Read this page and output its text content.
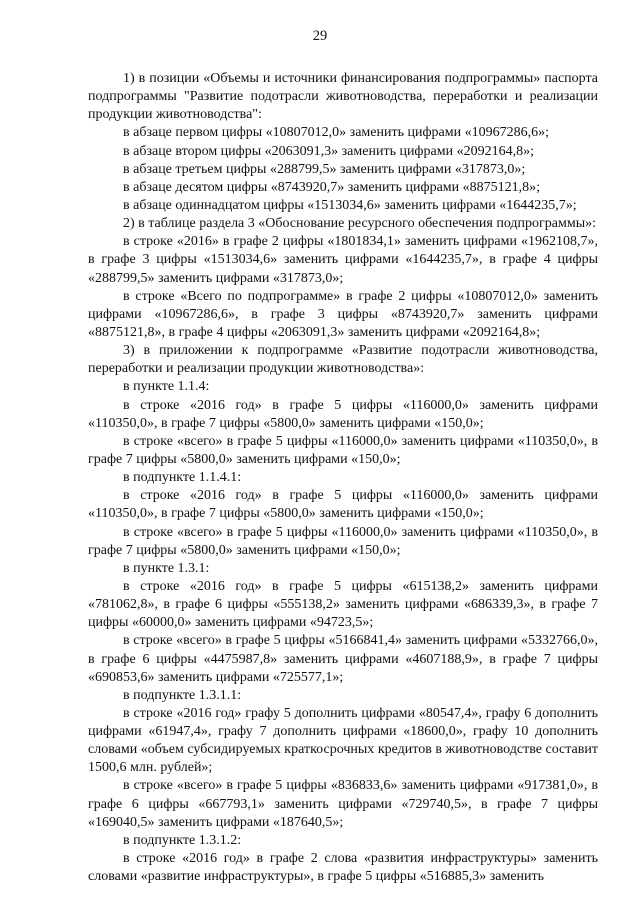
29

1) в позиции «Объемы и источники финансирования подпрограммы» паспорта подпрограммы "Развитие подотрасли животноводства, переработки и реализации продукции животноводства":

в абзаце первом цифры «10807012,0» заменить цифрами «10967286,6»;

в абзаце втором цифры «2063091,3» заменить цифрами «2092164,8»;

в абзаце третьем цифры «288799,5» заменить цифрами «317873,0»;

в абзаце десятом цифры «8743920,7» заменить цифрами «8875121,8»;

в абзаце одиннадцатом цифры «1513034,6» заменить цифрами «1644235,7»;

2) в таблице раздела 3 «Обоснование ресурсного обеспечения подпрограммы»:

в строке «2016» в графе 2 цифры «1801834,1» заменить цифрами «1962108,7», в графе 3 цифры «1513034,6» заменить цифрами «1644235,7», в графе 4 цифры «288799,5» заменить цифрами «317873,0»;

в строке «Всего по подпрограмме» в графе 2 цифры «10807012,0» заменить цифрами «10967286,6», в графе 3 цифры «8743920,7» заменить цифрами «8875121,8», в графе 4 цифры «2063091,3» заменить цифрами «2092164,8»;

3) в приложении к подпрограмме «Развитие подотрасли животноводства, переработки и реализации продукции животноводства»:

в пункте 1.1.4:

в строке «2016 год» в графе 5 цифры «116000,0» заменить цифрами «110350,0», в графе 7 цифры «5800,0» заменить цифрами «150,0»;

в строке «всего» в графе 5 цифры «116000,0» заменить цифрами «110350,0», в графе 7 цифры «5800,0» заменить цифрами «150,0»;

в подпункте 1.1.4.1:

в строке «2016 год» в графе 5 цифры «116000,0» заменить цифрами «110350,0», в графе 7 цифры «5800,0» заменить цифрами «150,0»;

в строке «всего» в графе 5 цифры «116000,0» заменить цифрами «110350,0», в графе 7 цифры «5800,0» заменить цифрами «150,0»;

в пункте 1.3.1:

в строке «2016 год» в графе 5 цифры «615138,2» заменить цифрами «781062,8», в графе 6 цифры «555138,2» заменить цифрами «686339,3», в графе 7 цифры «60000,0» заменить цифрами «94723,5»;

в строке «всего» в графе 5 цифры «5166841,4» заменить цифрами «5332766,0», в графе 6 цифры «4475987,8» заменить цифрами «4607188,9», в графе 7 цифры «690853,6» заменить цифрами «725577,1»;

в подпункте 1.3.1.1:

в строке «2016 год» графу 5 дополнить цифрами «80547,4», графу 6 дополнить цифрами «61947,4», графу 7 дополнить цифрами «18600,0», графу 10 дополнить словами «объем субсидируемых краткосрочных кредитов в животноводстве составит 1500,6 млн. рублей»;

в строке «всего» в графе 5 цифры «836833,6» заменить цифрами «917381,0», в графе 6 цифры «667793,1» заменить цифрами «729740,5», в графе 7 цифры «169040,5» заменить цифрами «187640,5»;

в подпункте 1.3.1.2:

в строке «2016 год» в графе 2 слова «развития инфраструктуры» заменить словами «развитие инфраструктуры», в графе 5 цифры «516885,3» заменить
